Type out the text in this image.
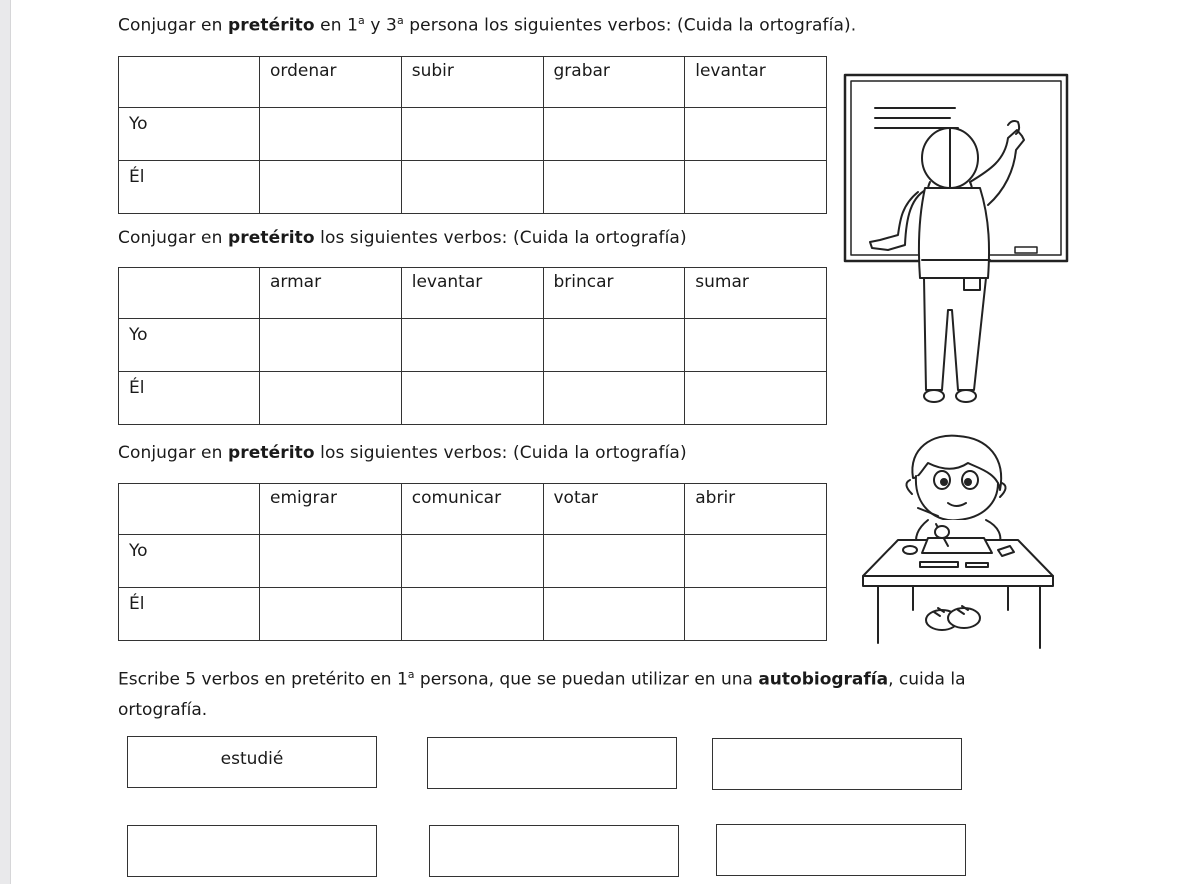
Conjugar en pretérito en 1$^a$ y 3$^a$ persona los siguientes verbos: (Cuida la ortografía).
	ordenar	subir	grabar	levantar
Yo				
Él				
Conjugar en pretérito los siguientes verbos: (Cuida la ortografía)
	armar	levantar	brincar	sumar
Yo				
Él				
Conjugar en pretérito los siguientes verbos: (Cuida la ortografía)
	emigrar	comunicar	votar	abrir
Yo				
Él				
Escribe 5 verbos en pretérito en 1$^a$ persona, que se puedan utilizar en una autobiografía, cuida la ortografía.
estudié
